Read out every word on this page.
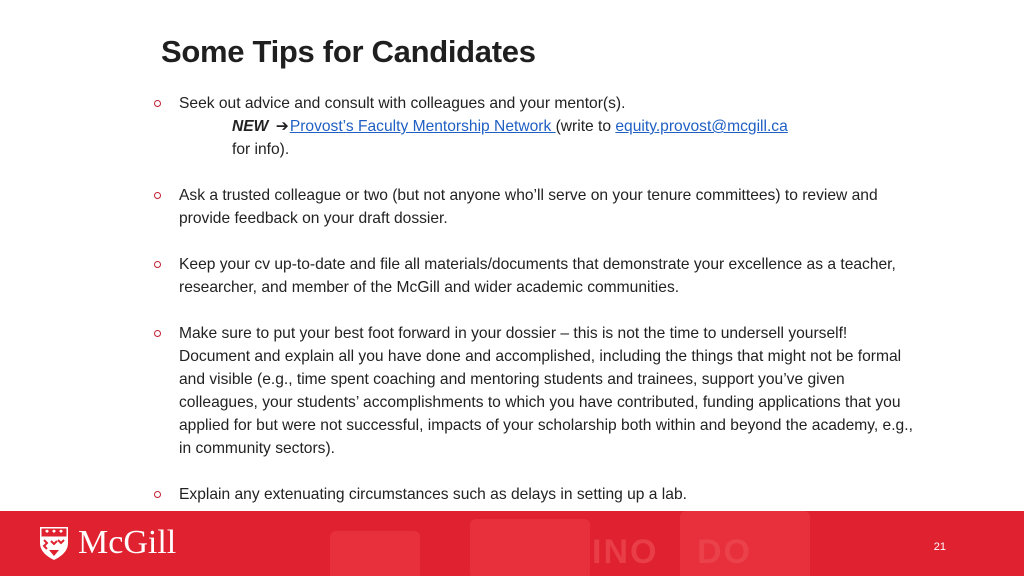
Some Tips for Candidates
Seek out advice and consult with colleagues and your mentor(s).
NEW ➔Provost’s Faculty Mentorship Network (write to equity.provost@mcgill.ca
for info).
Ask a trusted colleague or two (but not anyone who’ll serve on your tenure committees) to review and provide feedback on your draft dossier.
Keep your cv up-to-date and file all materials/documents that demonstrate your excellence as a teacher, researcher, and member of the McGill and wider academic communities.
Make sure to put your best foot forward in your dossier – this is not the time to undersell yourself! Document and explain all you have done and accomplished, including the things that might not be formal and visible (e.g., time spent coaching and mentoring students and trainees, support you’ve given colleagues, your students’ accomplishments to which you have contributed, funding applications that you applied for but were not successful, impacts of your scholarship both within and beyond the academy, e.g., in community sectors).
Explain any extenuating circumstances such as delays in setting up a lab.
INO DO
McGill	21
